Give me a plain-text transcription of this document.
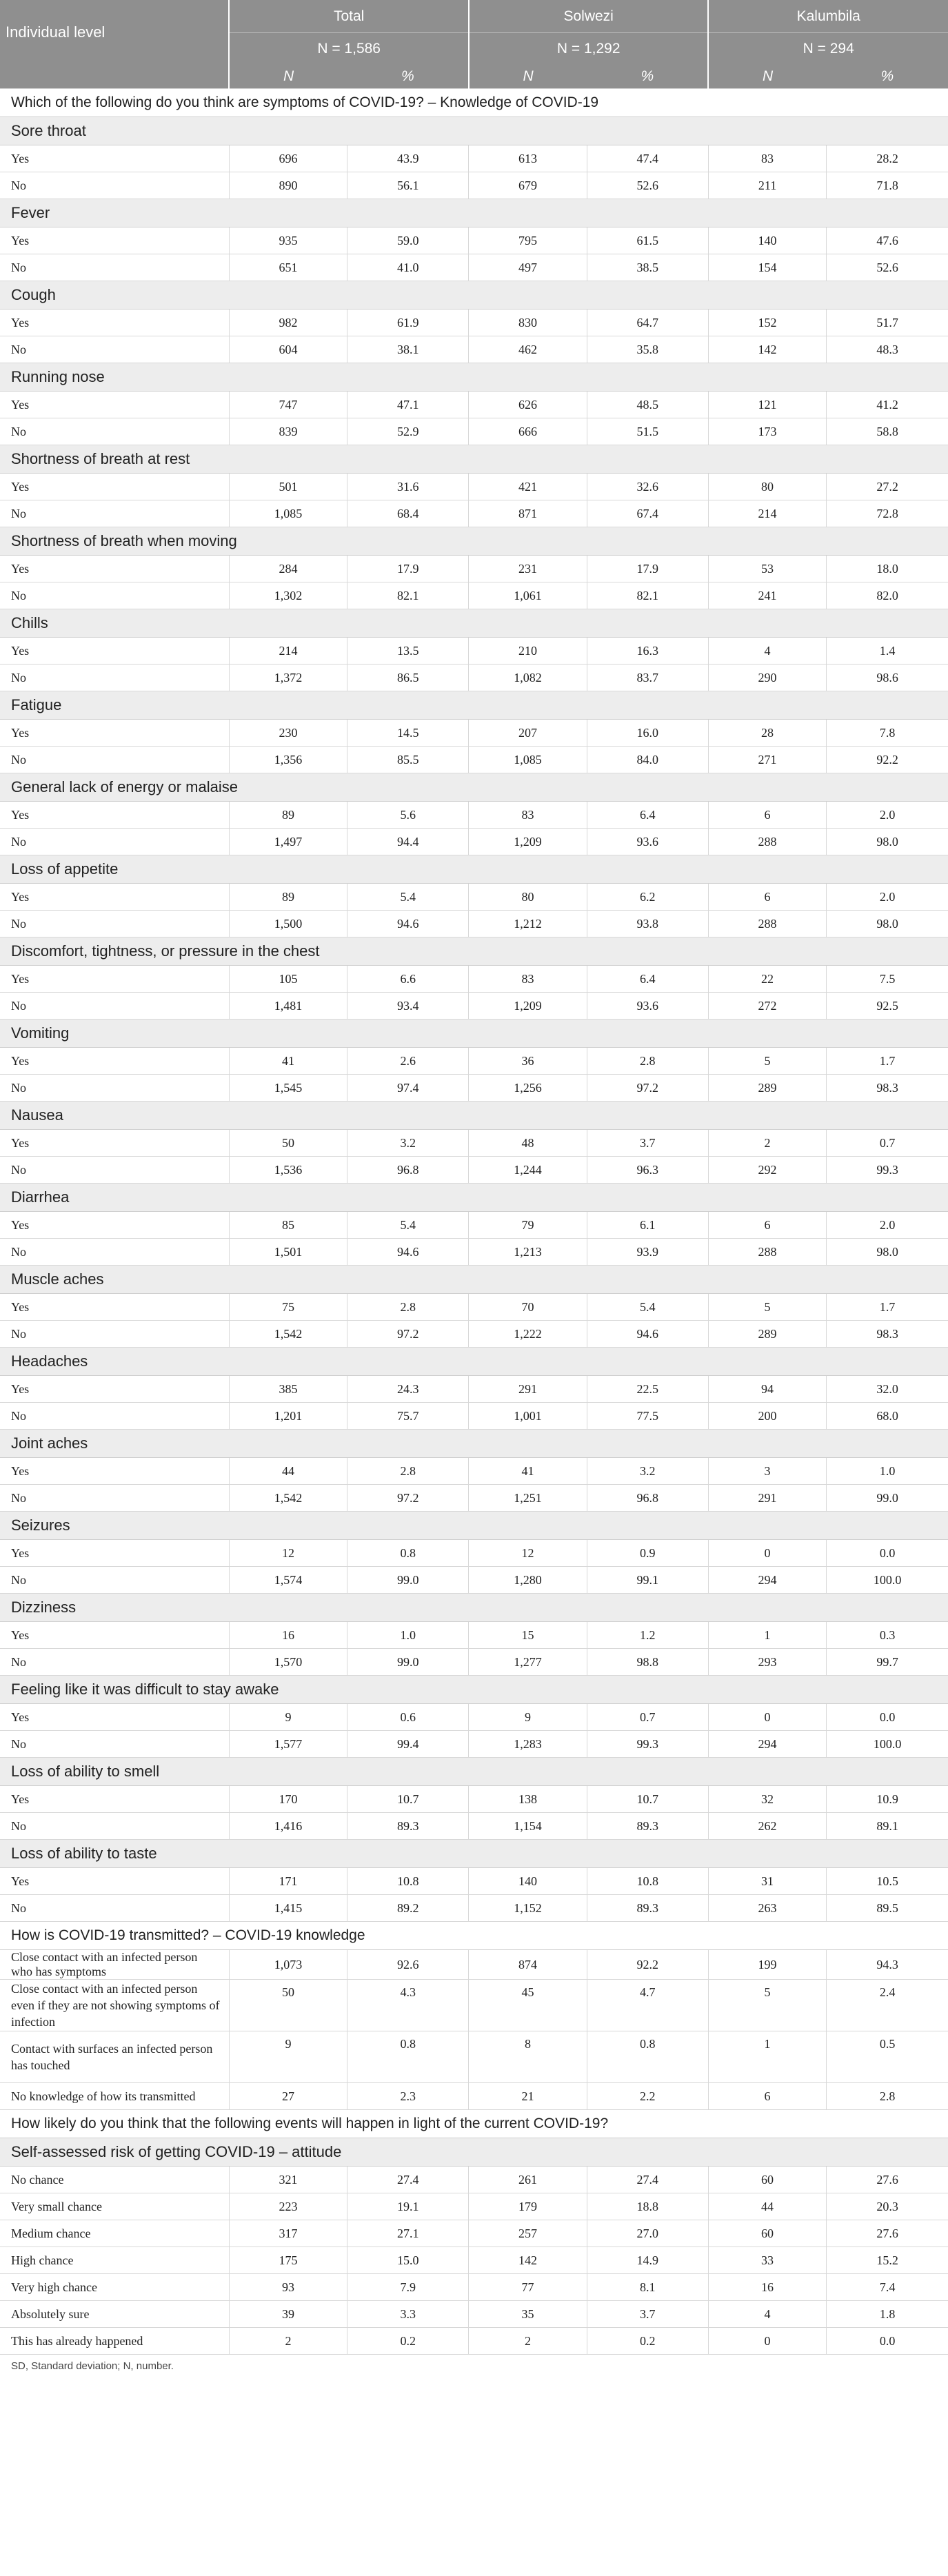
Individual level	Total		Solwezi		Kalumbila	
	N = 1,586		N = 1,292		N = 294	
	N	%	N	%	N	%
Which of the following do you think are symptoms of COVID-19? – Knowledge of COVID-19						
Sore throat						
Yes	696	43.9	613	47.4	83	28.2
No	890	56.1	679	52.6	211	71.8
Fever						
Yes	935	59.0	795	61.5	140	47.6
No	651	41.0	497	38.5	154	52.6
Cough						
Yes	982	61.9	830	64.7	152	51.7
No	604	38.1	462	35.8	142	48.3
Running nose						
Yes	747	47.1	626	48.5	121	41.2
No	839	52.9	666	51.5	173	58.8
Shortness of breath at rest						
Yes	501	31.6	421	32.6	80	27.2
No	1,085	68.4	871	67.4	214	72.8
Shortness of breath when moving						
Yes	284	17.9	231	17.9	53	18.0
No	1,302	82.1	1,061	82.1	241	82.0
Chills						
Yes	214	13.5	210	16.3	4	1.4
No	1,372	86.5	1,082	83.7	290	98.6
Fatigue						
Yes	230	14.5	207	16.0	28	7.8
No	1,356	85.5	1,085	84.0	271	92.2
General lack of energy or malaise						
Yes	89	5.6	83	6.4	6	2.0
No	1,497	94.4	1,209	93.6	288	98.0
Loss of appetite						
Yes	89	5.4	80	6.2	6	2.0
No	1,500	94.6	1,212	93.8	288	98.0
Discomfort, tightness, or pressure in the chest						
Yes	105	6.6	83	6.4	22	7.5
No	1,481	93.4	1,209	93.6	272	92.5
Vomiting						
Yes	41	2.6	36	2.8	5	1.7
No	1,545	97.4	1,256	97.2	289	98.3
Nausea						
Yes	50	3.2	48	3.7	2	0.7
No	1,536	96.8	1,244	96.3	292	99.3
Diarrhea						
Yes	85	5.4	79	6.1	6	2.0
No	1,501	94.6	1,213	93.9	288	98.0
Muscle aches						
Yes	75	2.8	70	5.4	5	1.7
No	1,542	97.2	1,222	94.6	289	98.3
Headaches						
Yes	385	24.3	291	22.5	94	32.0
No	1,201	75.7	1,001	77.5	200	68.0
Joint aches						
Yes	44	2.8	41	3.2	3	1.0
No	1,542	97.2	1,251	96.8	291	99.0
Seizures						
Yes	12	0.8	12	0.9	0	0.0
No	1,574	99.0	1,280	99.1	294	100.0
Dizziness						
Yes	16	1.0	15	1.2	1	0.3
No	1,570	99.0	1,277	98.8	293	99.7
Feeling like it was difficult to stay awake						
Yes	9	0.6	9	0.7	0	0.0
No	1,577	99.4	1,283	99.3	294	100.0
Loss of ability to smell						
Yes	170	10.7	138	10.7	32	10.9
No	1,416	89.3	1,154	89.3	262	89.1
Loss of ability to taste						
Yes	171	10.8	140	10.8	31	10.5
No	1,415	89.2	1,152	89.3	263	89.5
How is COVID-19 transmitted? – COVID-19 knowledge						
Close contact with an infected person who has symptoms	1,073	92.6	874	92.2	199	94.3
Close contact with an infected person even if they are not showing symptoms of infection	50	4.3	45	4.7	5	2.4
Contact with surfaces an infected person has touched	9	0.8	8	0.8	1	0.5
No knowledge of how its transmitted	27	2.3	21	2.2	6	2.8
How likely do you think that the following events will happen in light of the current COVID-19?						
Self-assessed risk of getting COVID-19 – attitude						
No chance	321	27.4	261	27.4	60	27.6
Very small chance	223	19.1	179	18.8	44	20.3
Medium chance	317	27.1	257	27.0	60	27.6
High chance	175	15.0	142	14.9	33	15.2
Very high chance	93	7.9	77	8.1	16	7.4
Absolutely sure	39	3.3	35	3.7	4	1.8
This has already happened	2	0.2	2	0.2	0	0.0
SD, Standard deviation; N, number.
